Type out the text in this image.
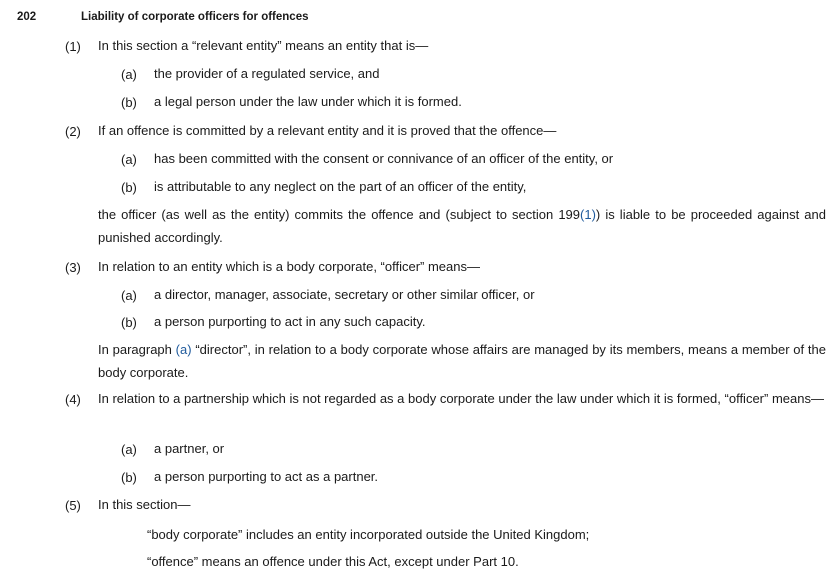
202	Liability of corporate officers for offences
(1) In this section a “relevant entity” means an entity that is—
(a) the provider of a regulated service, and
(b) a legal person under the law under which it is formed.
(2) If an offence is committed by a relevant entity and it is proved that the offence—
(a) has been committed with the consent or connivance of an officer of the entity, or
(b) is attributable to any neglect on the part of an officer of the entity,
the officer (as well as the entity) commits the offence and (subject to section 199(1)) is liable to be proceeded against and punished accordingly.
(3) In relation to an entity which is a body corporate, “officer” means—
(a) a director, manager, associate, secretary or other similar officer, or
(b) a person purporting to act in any such capacity.
In paragraph (a) “director”, in relation to a body corporate whose affairs are managed by its members, means a member of the body corporate.
In relation to a partnership which is not regarded as a body corporate under the law under which it is formed, “officer” means—
(4)
(a) a partner, or
(b) a person purporting to act as a partner.
(5) In this section—
“body corporate” includes an entity incorporated outside the United Kingdom;
“offence” means an offence under this Act, except under Part 10.
